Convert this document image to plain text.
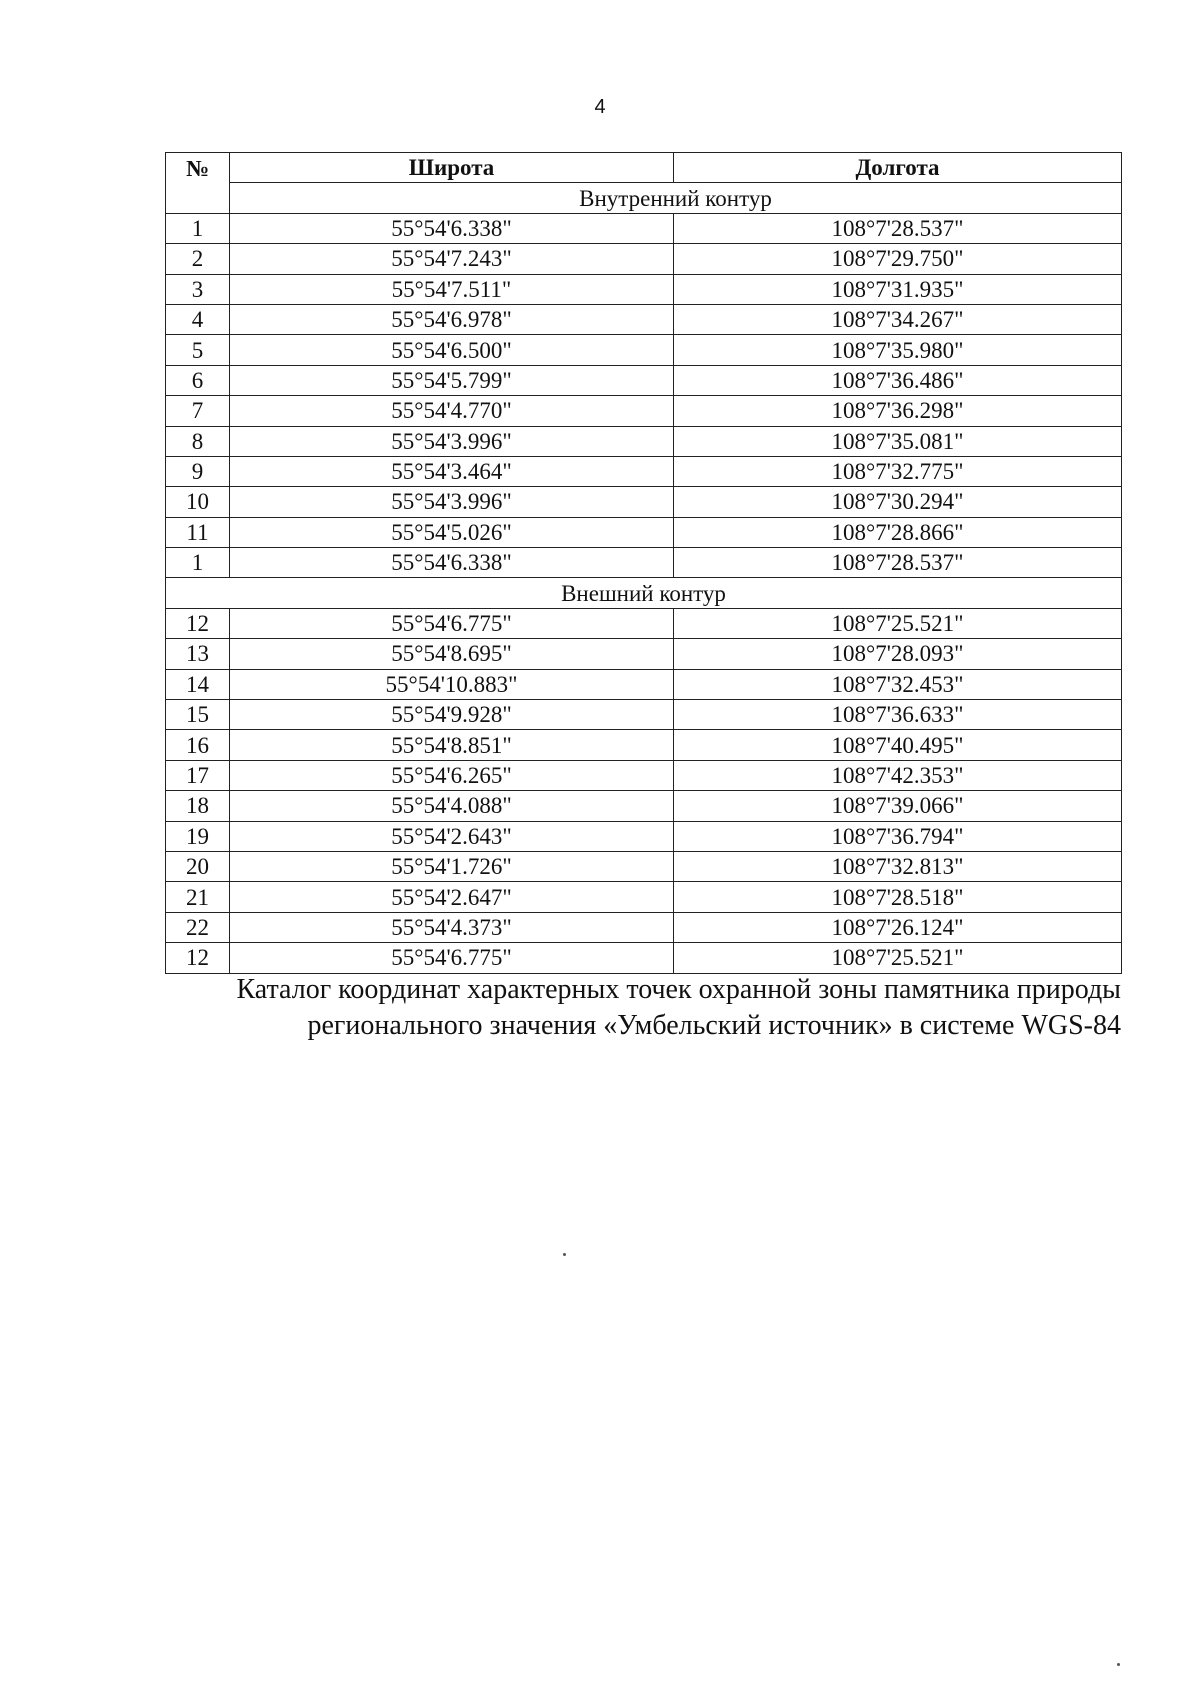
4
№	Широта	Долгота
	Внутренний контур	
1	55°54'6.338"	108°7'28.537"
2	55°54'7.243"	108°7'29.750"
3	55°54'7.511"	108°7'31.935"
4	55°54'6.978"	108°7'34.267"
5	55°54'6.500"	108°7'35.980"
6	55°54'5.799"	108°7'36.486"
7	55°54'4.770"	108°7'36.298"
8	55°54'3.996"	108°7'35.081"
9	55°54'3.464"	108°7'32.775"
10	55°54'3.996"	108°7'30.294"
11	55°54'5.026"	108°7'28.866"
1	55°54'6.338"	108°7'28.537"
Внешний контур		
12	55°54'6.775"	108°7'25.521"
13	55°54'8.695"	108°7'28.093"
14	55°54'10.883"	108°7'32.453"
15	55°54'9.928"	108°7'36.633"
16	55°54'8.851"	108°7'40.495"
17	55°54'6.265"	108°7'42.353"
18	55°54'4.088"	108°7'39.066"
19	55°54'2.643"	108°7'36.794"
20	55°54'1.726"	108°7'32.813"
21	55°54'2.647"	108°7'28.518"
22	55°54'4.373"	108°7'26.124"
12	55°54'6.775"	108°7'25.521"
Каталог координат характерных точек охранной зоны памятника природы
регионального значения «Умбельский источник» в системе WGS-84
